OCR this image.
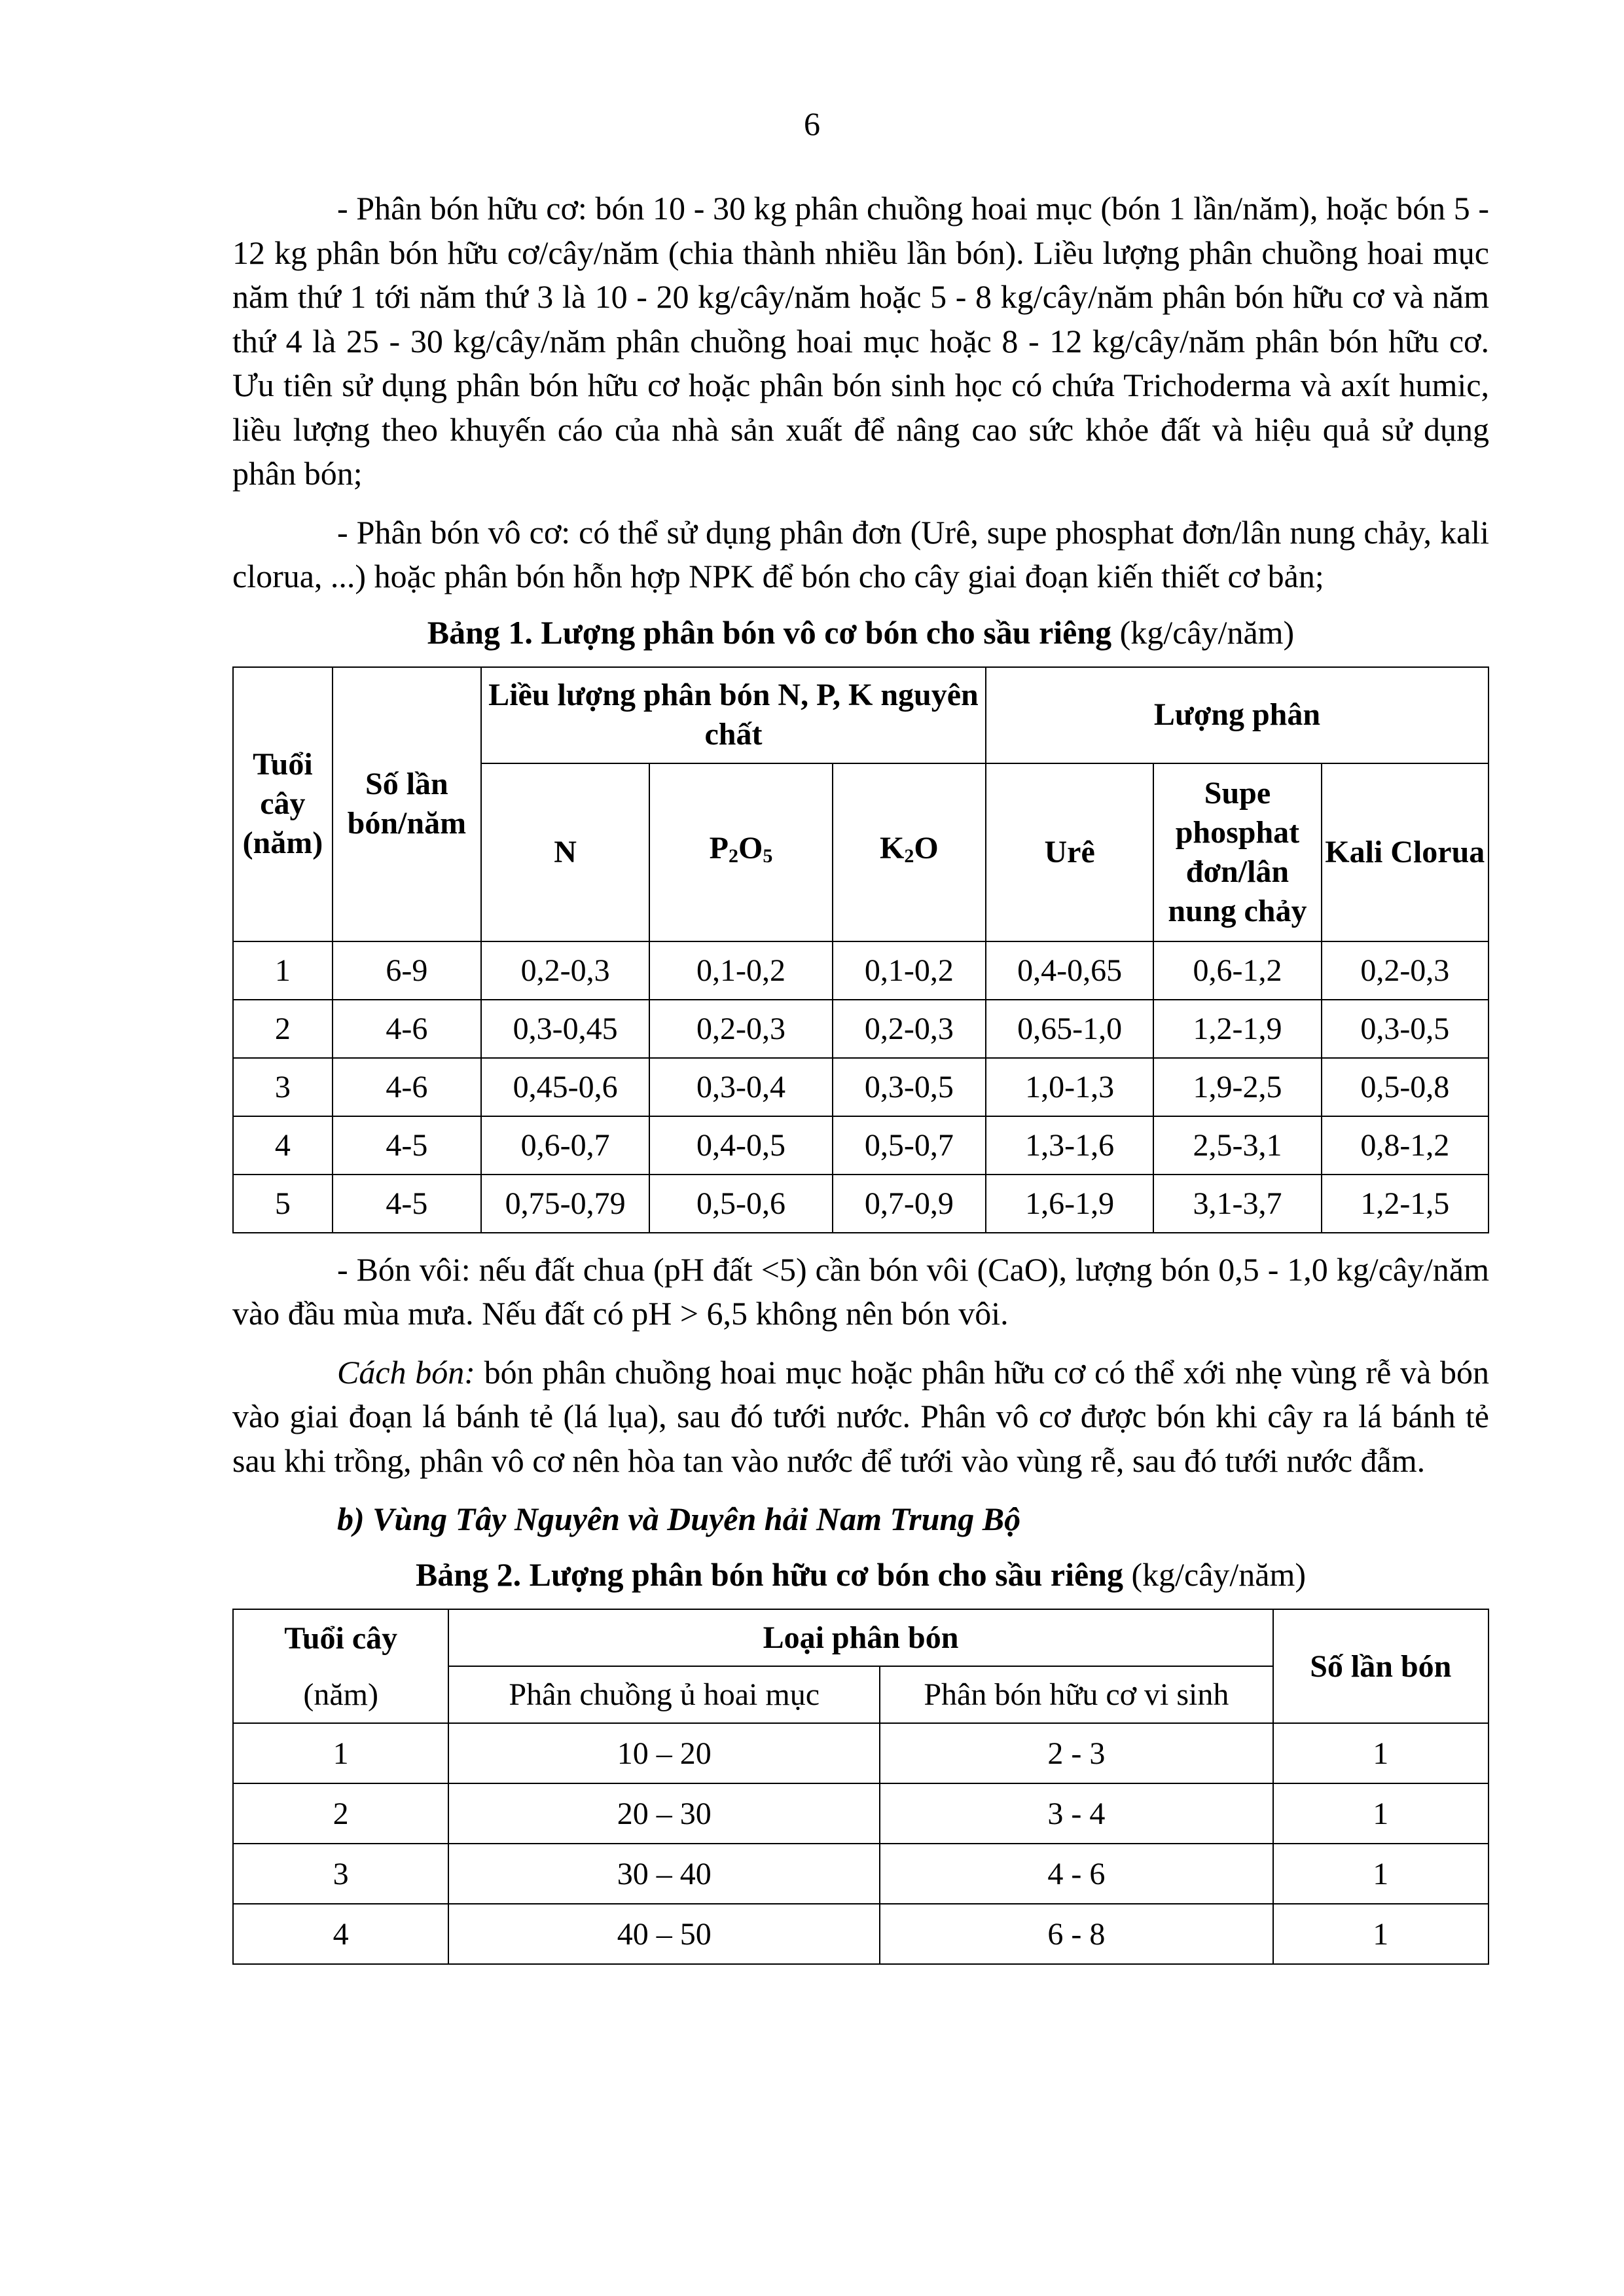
6

- Phân bón hữu cơ: bón 10 - 30 kg phân chuồng hoai mục (bón 1 lần/năm), hoặc bón 5 - 12 kg phân bón hữu cơ/cây/năm (chia thành nhiều lần bón). Liều lượng phân chuồng hoai mục năm thứ 1 tới năm thứ 3 là 10 - 20 kg/cây/năm hoặc 5 - 8 kg/cây/năm phân bón hữu cơ và năm thứ 4 là 25 - 30 kg/cây/năm phân chuồng hoai mục hoặc 8 - 12 kg/cây/năm phân bón hữu cơ. Ưu tiên sử dụng phân bón hữu cơ hoặc phân bón sinh học có chứa Trichoderma và axít humic, liều lượng theo khuyến cáo của nhà sản xuất để nâng cao sức khỏe đất và hiệu quả sử dụng phân bón;

- Phân bón vô cơ: có thể sử dụng phân đơn (Urê, supe phosphat đơn/lân nung chảy, kali clorua, ...) hoặc phân bón hỗn hợp NPK để bón cho cây giai đoạn kiến thiết cơ bản;

Bảng 1. Lượng phân bón vô cơ bón cho sầu riêng (kg/cây/năm)
Tuổi cây (năm)	Số lần bón/năm	Liều lượng phân bón N, P, K nguyên chất			Lượng phân		
		N	$P_2O_5$	$K_2O$	Urê	Supe phosphat đơn/lân nung chảy	Kali Clorua
1	6-9	0,2-0,3	0,1-0,2	0,1-0,2	0,4-0,65	0,6-1,2	0,2-0,3
2	4-6	0,3-0,45	0,2-0,3	0,2-0,3	0,65-1,0	1,2-1,9	0,3-0,5
3	4-6	0,45-0,6	0,3-0,4	0,3-0,5	1,0-1,3	1,9-2,5	0,5-0,8
4	4-5	0,6-0,7	0,4-0,5	0,5-0,7	1,3-1,6	2,5-3,1	0,8-1,2
5	4-5	0,75-0,79	0,5-0,6	0,7-0,9	1,6-1,9	3,1-3,7	1,2-1,5

- Bón vôi: nếu đất chua (pH đất <5) cần bón vôi (CaO), lượng bón 0,5 - 1,0 kg/cây/năm vào đầu mùa mưa. Nếu đất có pH > 6,5 không nên bón vôi.

Cách bón: bón phân chuồng hoai mục hoặc phân hữu cơ có thể xới nhẹ vùng rễ và bón vào giai đoạn lá bánh tẻ (lá lụa), sau đó tưới nước. Phân vô cơ được bón khi cây ra lá bánh tẻ sau khi trồng, phân vô cơ nên hòa tan vào nước để tưới vào vùng rễ, sau đó tưới nước đẫm.

b) Vùng Tây Nguyên và Duyên hải Nam Trung Bộ
Bảng 2. Lượng phân bón hữu cơ bón cho sầu riêng (kg/cây/năm)
Tuổi cây	Loại phân bón		Số lần bón
(năm)	Phân chuồng ủ hoai mục	Phân bón hữu cơ vi sinh	
1	10 – 20	2 - 3	1
2	20 – 30	3 - 4	1
3	30 – 40	4 - 6	1
4	40 – 50	6 - 8	1
